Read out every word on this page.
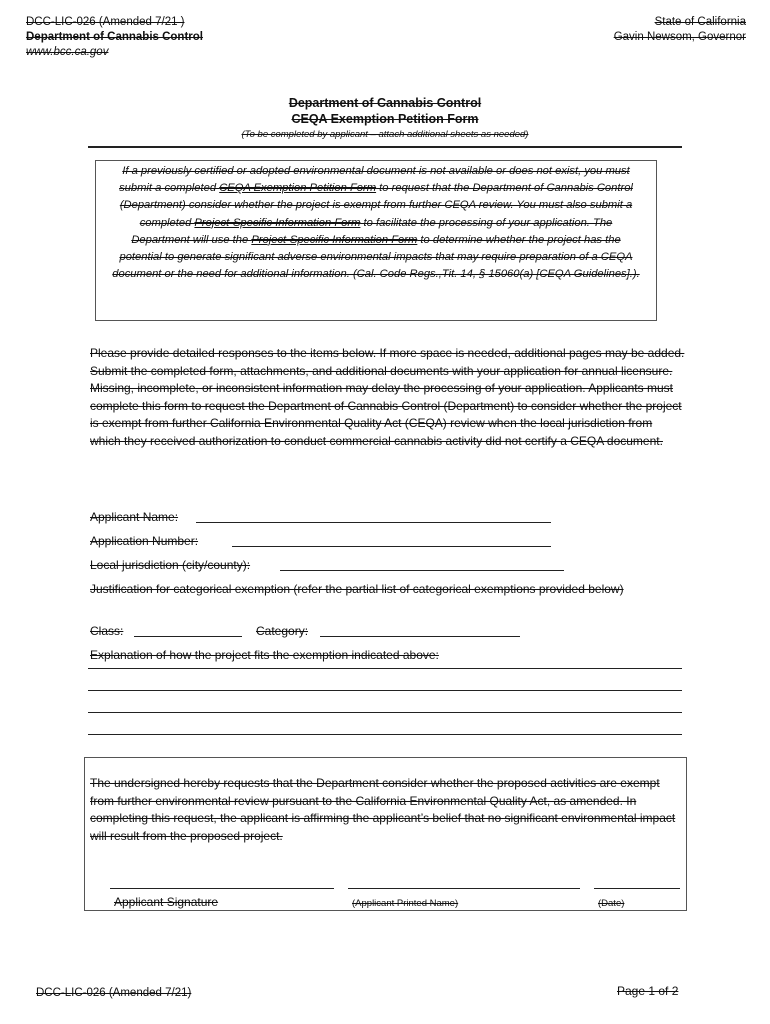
DCC-LIC-026 (Amended 7/21 )
Department of Cannabis Control
www.bcc.ca.gov
State of California
Gavin Newsom, Governor
Department of Cannabis Control
CEQA Exemption Petition Form
(To be completed by applicant – attach additional sheets as needed)
If a previously certified or adopted environmental document is not available or does not exist, you must submit a completed CEQA Exemption Petition Form to request that the Department of Cannabis Control (Department) consider whether the project is exempt from further CEQA review. You must also submit a completed Project-Specific Information Form to facilitate the processing of your application. The Department will use the Project-Specific Information Form to determine whether the project has the potential to generate significant adverse environmental impacts that may require preparation of a CEQA document or the need for additional information. (Cal. Code Regs.,Tit. 14, § 15060(a) [CEQA Guidelines].).
Please provide detailed responses to the items below. If more space is needed, additional pages may be added. Submit the completed form, attachments, and additional documents with your application for annual licensure. Missing, incomplete, or inconsistent information may delay the processing of your application. Applicants must complete this form to request the Department of Cannabis Control (Department) to consider whether the project is exempt from further California Environmental Quality Act (CEQA) review when the local jurisdiction from which they received authorization to conduct commercial cannabis activity did not certify a CEQA document.
Applicant Name:
Application Number:
Local jurisdiction (city/county):
Justification for categorical exemption (refer the partial list of categorical exemptions provided below)
Class:	Category:
Explanation of how the project fits the exemption indicated above:
The undersigned hereby requests that the Department consider whether the proposed activities are exempt from further environmental review pursuant to the California Environmental Quality Act, as amended. In completing this request, the applicant is affirming the applicant’s belief that no significant environmental impact will result from the proposed project.
Applicant Signature	(Applicant Printed Name)	(Date)
DCC-LIC-026 (Amended 7/21)	Page 1 of 2
